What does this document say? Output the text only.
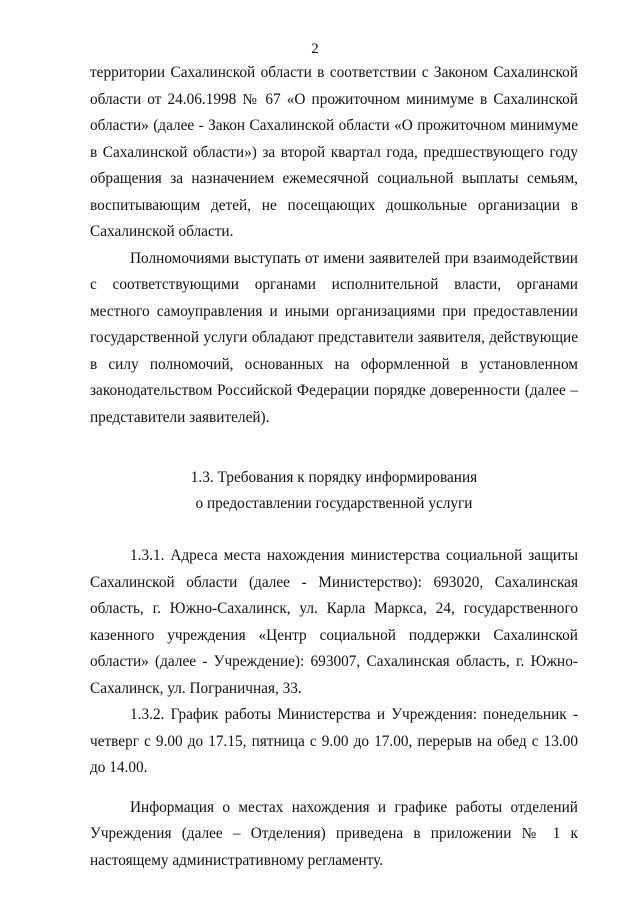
2

территории Сахалинской области в соответствии с Законом Сахалинской области от 24.06.1998 № 67 «О прожиточном минимуме в Сахалинской области» (далее - Закон Сахалинской области «О прожиточном минимуме в Сахалинской области») за второй квартал года, предшествующего году обращения за назначением ежемесячной социальной выплаты семьям, воспитывающим детей, не посещающих дошкольные организации в Сахалинской области.

Полномочиями выступать от имени заявителей при взаимодействии с соответствующими органами исполнительной власти, органами местного самоуправления и иными организациями при предоставлении государственной услуги обладают представители заявителя, действующие в силу полномочий, основанных на оформленной в установленном законодательством Российской Федерации порядке доверенности (далее – представители заявителей).

1.3. Требования к порядку информирования
о предоставлении государственной услуги

1.3.1. Адреса места нахождения министерства социальной защиты Сахалинской области (далее - Министерство): 693020, Сахалинская область, г. Южно-Сахалинск, ул. Карла Маркса, 24, государственного казенного учреждения «Центр социальной поддержки Сахалинской области» (далее - Учреждение): 693007, Сахалинская область, г. Южно-Сахалинск, ул. Пограничная, 33.

1.3.2. График работы Министерства и Учреждения: понедельник - четверг с 9.00 до 17.15, пятница с 9.00 до 17.00, перерыв на обед с 13.00 до 14.00.

Информация о местах нахождения и графике работы отделений Учреждения (далее – Отделения) приведена в приложении № 1 к настоящему административному регламенту.
